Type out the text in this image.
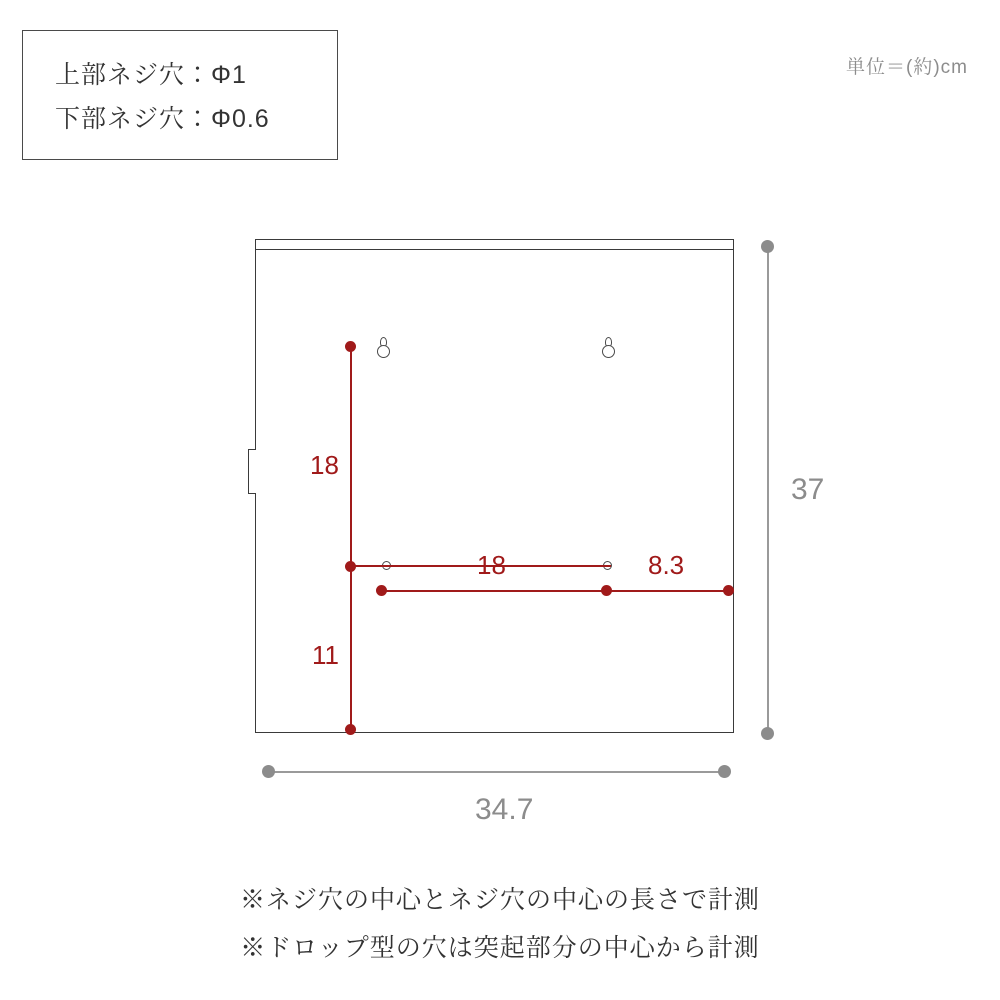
上部ネジ穴：Φ1
下部ネジ穴：Φ0.6
単位＝(約)cm
18
11
18	8.3
37
34.7
※ネジ穴の中心とネジ穴の中心の長さで計測
※ドロップ型の穴は突起部分の中心から計測
